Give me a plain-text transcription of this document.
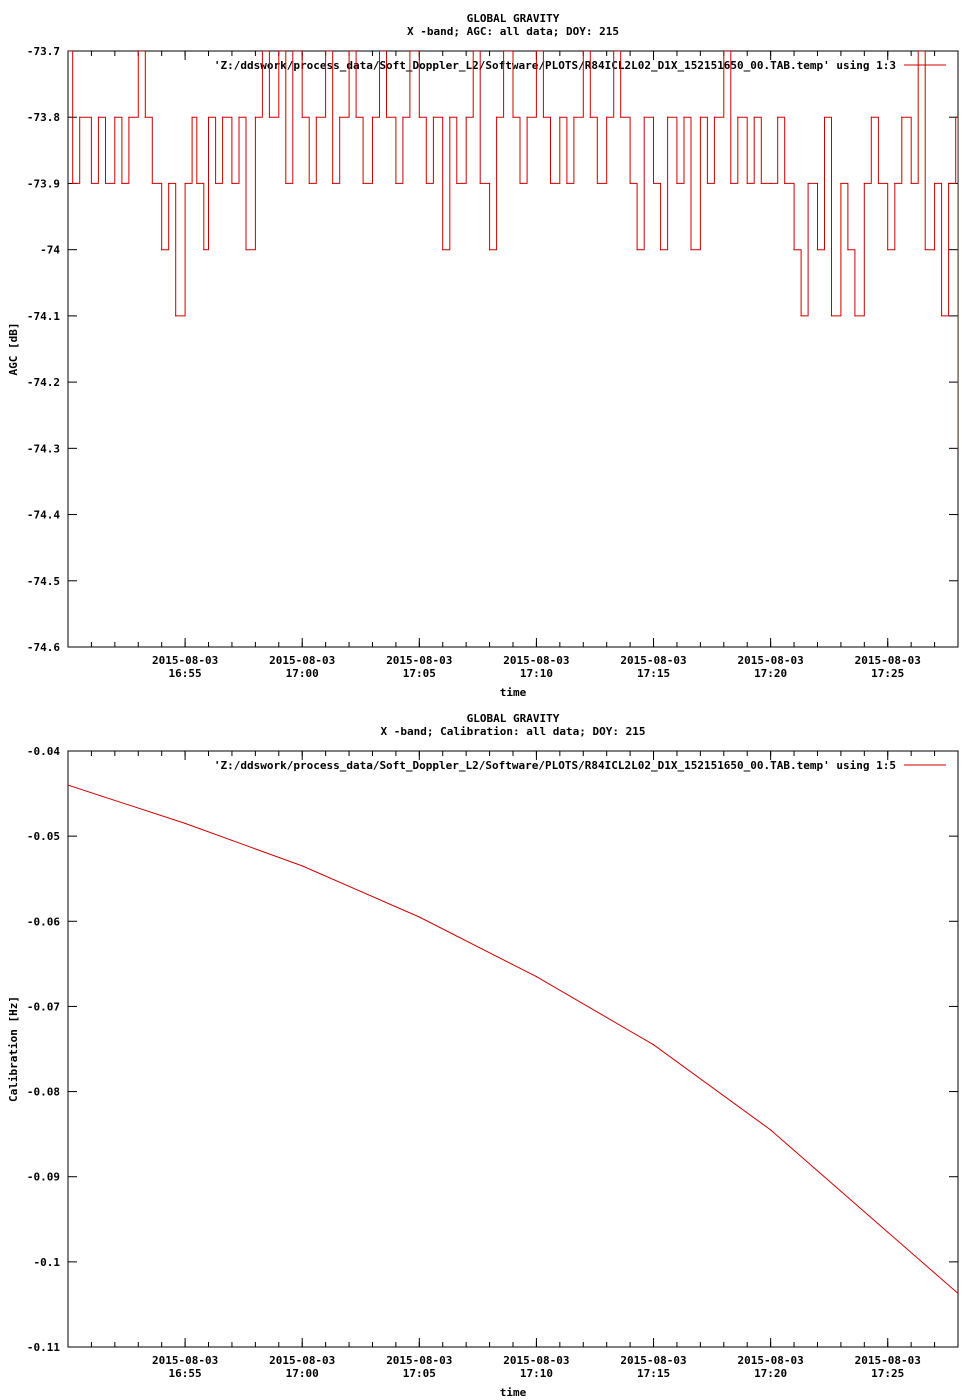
GLOBAL GRAVITY
X -band; AGC: all data; DOY: 215
-73.7
-73.8
-73.9
-74
-74.1
-74.2
-74.3
-74.4
-74.5
-74.6
2015-08-03
16:55
2015-08-03
17:00
2015-08-03
17:05
2015-08-03
17:10
2015-08-03
17:15
2015-08-03
17:20
2015-08-03
17:25
time
AGC [dB]
'Z:/ddswork/process_data/Soft_Doppler_L2/Software/PLOTS/R84ICL2L02_D1X_152151650_00.TAB.temp' using 1:3
GLOBAL GRAVITY
X -band; Calibration: all data; DOY: 215
-0.04
-0.05
-0.06
-0.07
-0.08
-0.09
-0.1
-0.11
2015-08-03
16:55
2015-08-03
17:00
2015-08-03
17:05
2015-08-03
17:10
2015-08-03
17:15
2015-08-03
17:20
2015-08-03
17:25
time
Calibration [Hz]
'Z:/ddswork/process_data/Soft_Doppler_L2/Software/PLOTS/R84ICL2L02_D1X_152151650_00.TAB.temp' using 1:5
